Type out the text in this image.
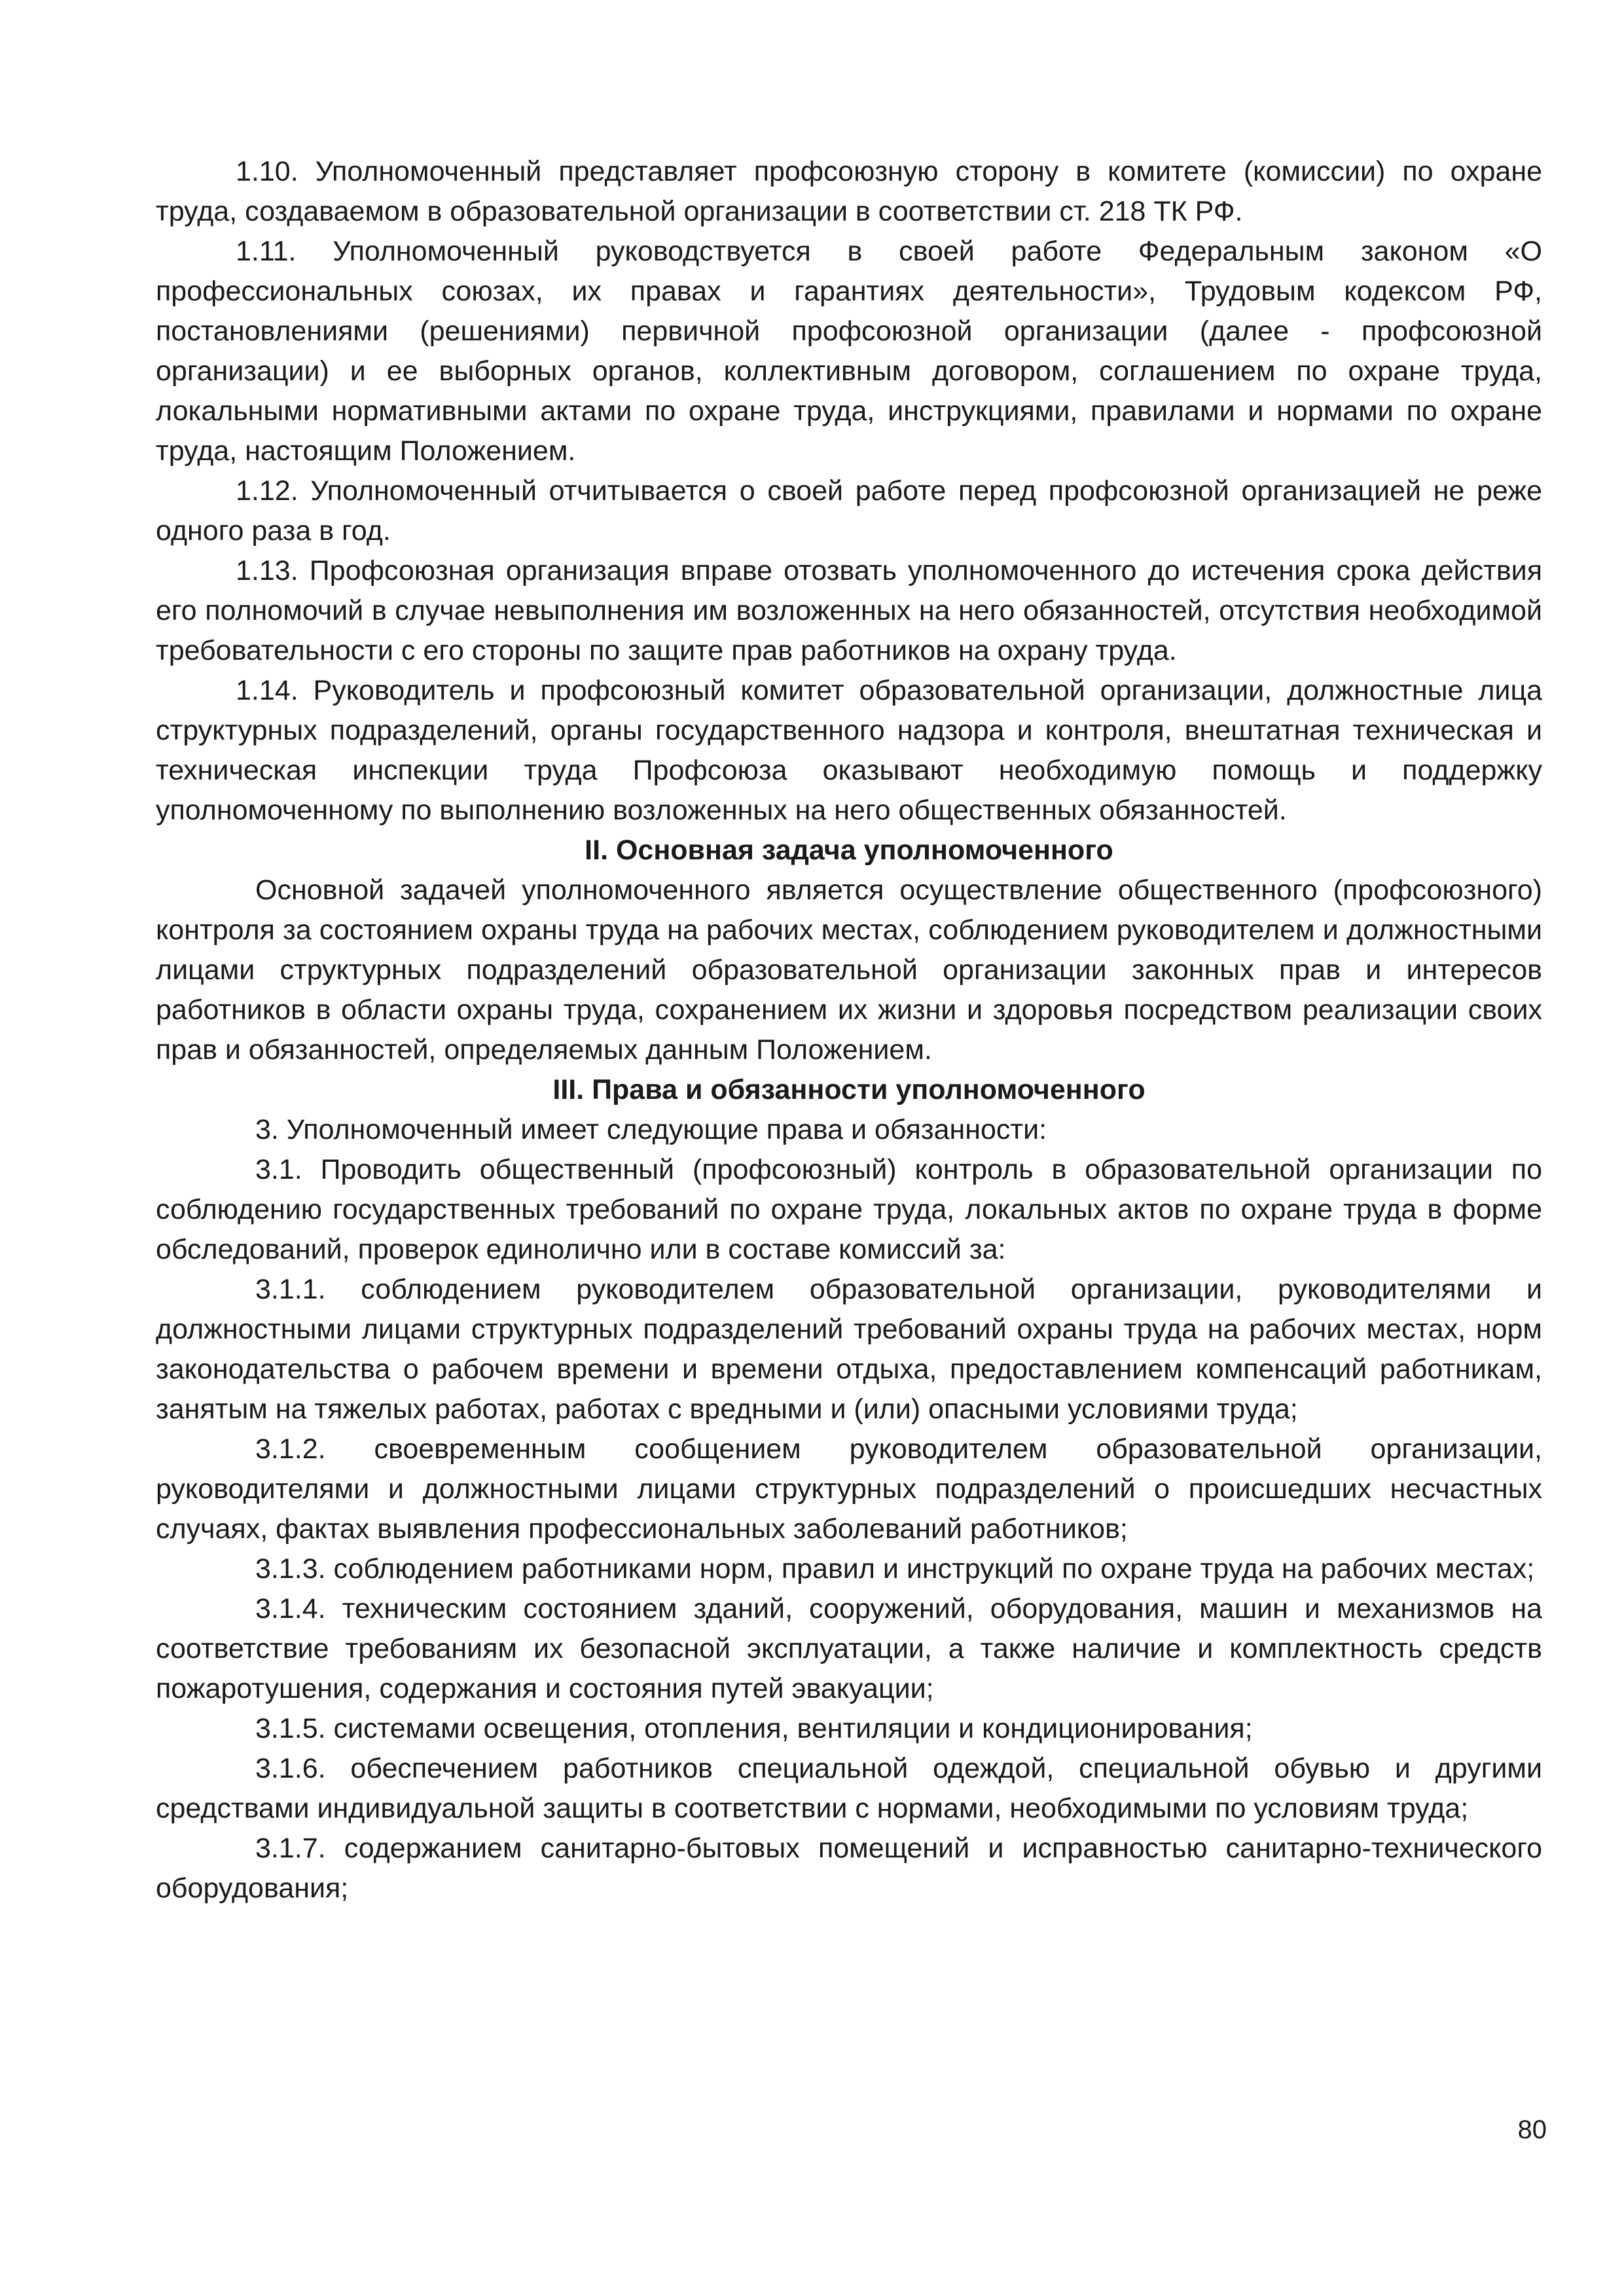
1.10. Уполномоченный представляет профсоюзную сторону в комитете (комиссии) по охране труда, создаваемом в образовательной организации в соответствии ст. 218 ТК РФ.

1.11. Уполномоченный руководствуется в своей работе Федеральным законом «О профессиональных союзах, их правах и гарантиях деятельности», Трудовым кодексом РФ, постановлениями (решениями) первичной профсоюзной организации (далее - профсоюзной организации) и ее выборных органов, коллективным договором, соглашением по охране труда, локальными нормативными актами по охране труда, инструкциями, правилами и нормами по охране труда, настоящим Положением.

1.12. Уполномоченный отчитывается о своей работе перед профсоюзной организацией не реже одного раза в год.

1.13. Профсоюзная организация вправе отозвать уполномоченного до истечения срока действия его полномочий в случае невыполнения им возложенных на него обязанностей, отсутствия необходимой требовательности с его стороны по защите прав работников на охрану труда.

1.14. Руководитель и профсоюзный комитет образовательной организации, должностные лица структурных подразделений, органы государственного надзора и контроля, внештатная техническая и техническая инспекции труда Профсоюза оказывают необходимую помощь и поддержку уполномоченному по выполнению возложенных на него общественных обязанностей.

II. Основная задача уполномоченного

Основной задачей уполномоченного является осуществление общественного (профсоюзного) контроля за состоянием охраны труда на рабочих местах, соблюдением руководителем и должностными лицами структурных подразделений образовательной организации законных прав и интересов работников в области охраны труда, сохранением их жизни и здоровья посредством реализации своих прав и обязанностей, определяемых данным Положением.

III. Права и обязанности уполномоченного

3. Уполномоченный имеет следующие права и обязанности:

3.1. Проводить общественный (профсоюзный) контроль в образовательной организации по соблюдению государственных требований по охране труда, локальных актов по охране труда в форме обследований, проверок единолично или в составе комиссий за:

3.1.1. соблюдением руководителем образовательной организации, руководителями и должностными лицами структурных подразделений требований охраны труда на рабочих местах, норм законодательства о рабочем времени и времени отдыха, предоставлением компенсаций работникам, занятым на тяжелых работах, работах с вредными и (или) опасными условиями труда;

3.1.2. своевременным сообщением руководителем образовательной организации, руководителями и должностными лицами структурных подразделений о происшедших несчастных случаях, фактах выявления профессиональных заболеваний работников;

3.1.3. соблюдением работниками норм, правил и инструкций по охране труда на рабочих местах;

3.1.4. техническим состоянием зданий, сооружений, оборудования, машин и механизмов на соответствие требованиям их безопасной эксплуатации, а также наличие и комплектность средств пожаротушения, содержания и состояния путей эвакуации;

3.1.5. системами освещения, отопления, вентиляции и кондиционирования;

3.1.6. обеспечением работников специальной одеждой, специальной обувью и другими средствами индивидуальной защиты в соответствии с нормами, необходимыми по условиям труда;

3.1.7. содержанием санитарно-бытовых помещений и исправностью санитарно-технического оборудования;

80
